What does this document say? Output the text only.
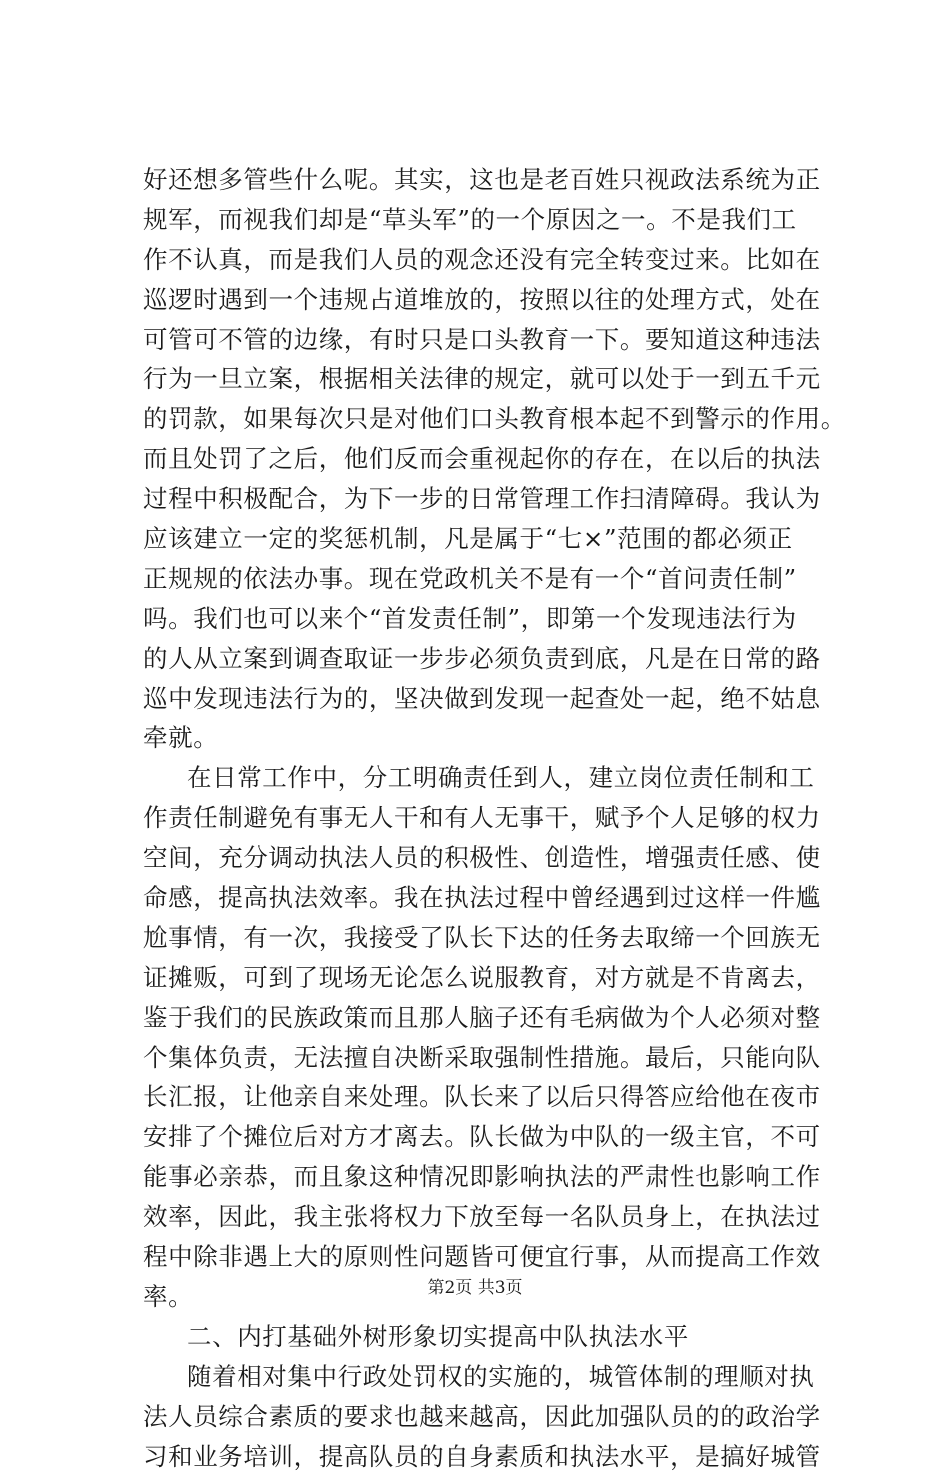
好还想多管些什么呢。其实，这也是老百姓只视政法系统为正
规军，而视我们却是“草头军”的一个原因之一。不是我们工
作不认真，而是我们人员的观念还没有完全转变过来。比如在
巡逻时遇到一个违规占道堆放的，按照以往的处理方式，处在
可管可不管的边缘，有时只是口头教育一下。要知道这种违法
行为一旦立案，根据相关法律的规定，就可以处于一到五千元
的罚款，如果每次只是对他们口头教育根本起不到警示的作用。
而且处罚了之后，他们反而会重视起你的存在，在以后的执法
过程中积极配合，为下一步的日常管理工作扫清障碍。我认为
应该建立一定的奖惩机制，凡是属于“七×”范围的都必须正
正规规的依法办事。现在党政机关不是有一个“首问责任制”
吗。我们也可以来个“首发责任制”，即第一个发现违法行为
的人从立案到调查取证一步步必须负责到底，凡是在日常的路
巡中发现违法行为的，坚决做到发现一起查处一起，绝不姑息
牵就。
在日常工作中，分工明确责任到人，建立岗位责任制和工
作责任制避免有事无人干和有人无事干，赋予个人足够的权力
空间，充分调动执法人员的积极性、创造性，增强责任感、使
命感，提高执法效率。我在执法过程中曾经遇到过这样一件尴
尬事情，有一次，我接受了队长下达的任务去取缔一个回族无
证摊贩，可到了现场无论怎么说服教育，对方就是不肯离去，
鉴于我们的民族政策而且那人脑子还有毛病做为个人必须对整
个集体负责，无法擅自决断采取强制性措施。最后，只能向队
长汇报，让他亲自来处理。队长来了以后只得答应给他在夜市
安排了个摊位后对方才离去。队长做为中队的一级主官，不可
能事必亲恭，而且象这种情况即影响执法的严肃性也影响工作
效率，因此，我主张将权力下放至每一名队员身上，在执法过
程中除非遇上大的原则性问题皆可便宜行事，从而提高工作效
率。
二、内打基础外树形象切实提高中队执法水平
随着相对集中行政处罚权的实施的，城管体制的理顺对执
法人员综合素质的要求也越来越高，因此加强队员的的政治学
习和业务培训，提高队员的自身素质和执法水平，是搞好城管
第2页 共3页
